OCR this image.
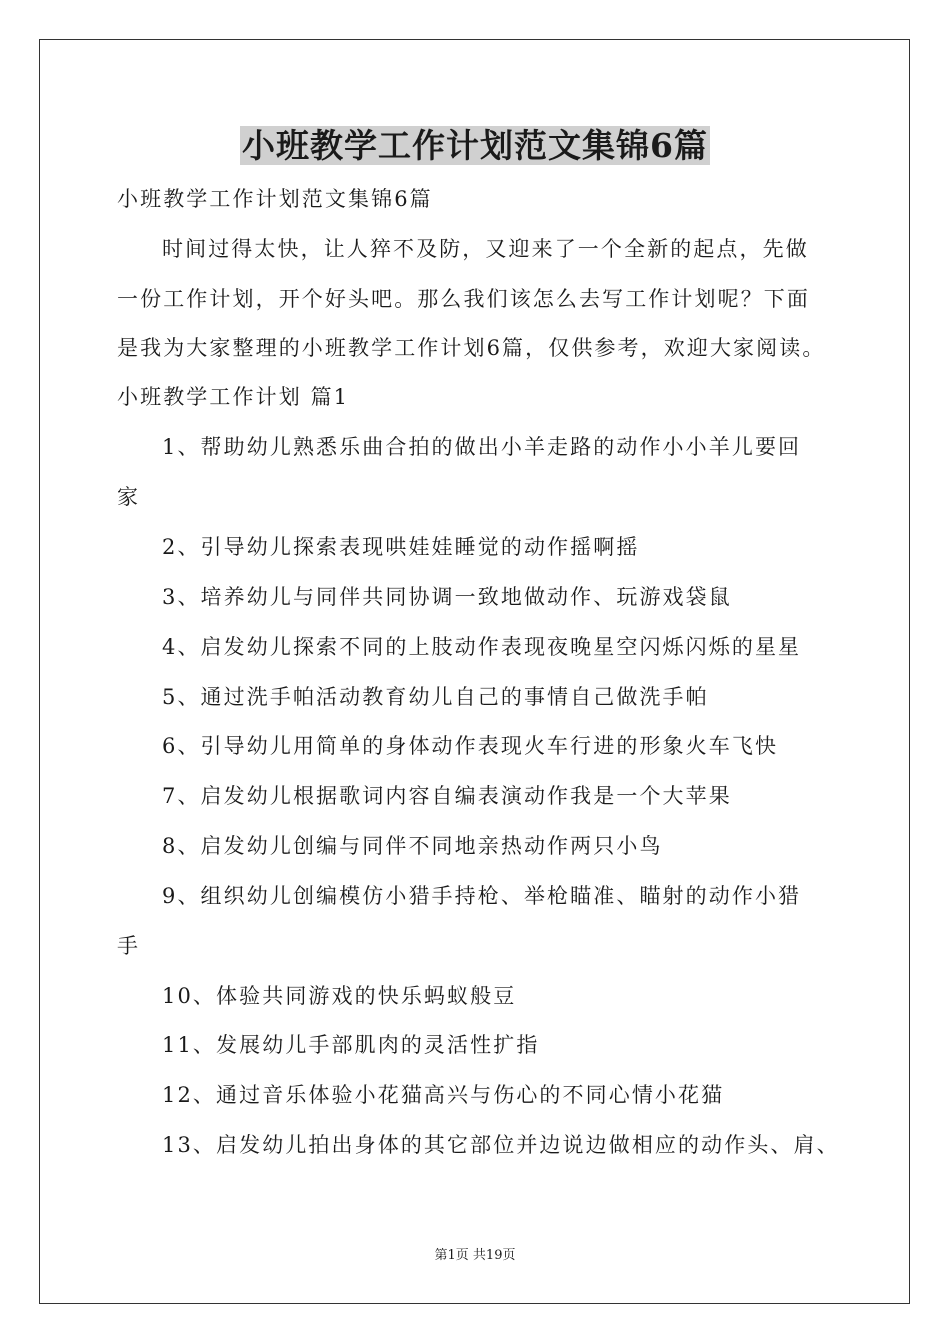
小班教学工作计划范文集锦6篇
小班教学工作计划范文集锦6篇
时间过得太快，让人猝不及防，又迎来了一个全新的起点，先做
一份工作计划，开个好头吧。那么我们该怎么去写工作计划呢？下面
是我为大家整理的小班教学工作计划6篇，仅供参考，欢迎大家阅读。
小班教学工作计划 篇1
1、帮助幼儿熟悉乐曲合拍的做出小羊走路的动作小小羊儿要回
家
2、引导幼儿探索表现哄娃娃睡觉的动作摇啊摇
3、培养幼儿与同伴共同协调一致地做动作、玩游戏袋鼠
4、启发幼儿探索不同的上肢动作表现夜晚星空闪烁闪烁的星星
5、通过洗手帕活动教育幼儿自己的事情自己做洗手帕
6、引导幼儿用简单的身体动作表现火车行进的形象火车飞快
7、启发幼儿根据歌词内容自编表演动作我是一个大苹果
8、启发幼儿创编与同伴不同地亲热动作两只小鸟
9、组织幼儿创编模仿小猎手持枪、举枪瞄准、瞄射的动作小猎
手
10、体验共同游戏的快乐蚂蚁般豆
11、发展幼儿手部肌肉的灵活性扩指
12、通过音乐体验小花猫高兴与伤心的不同心情小花猫
13、启发幼儿拍出身体的其它部位并边说边做相应的动作头、肩、
第1页 共19页
